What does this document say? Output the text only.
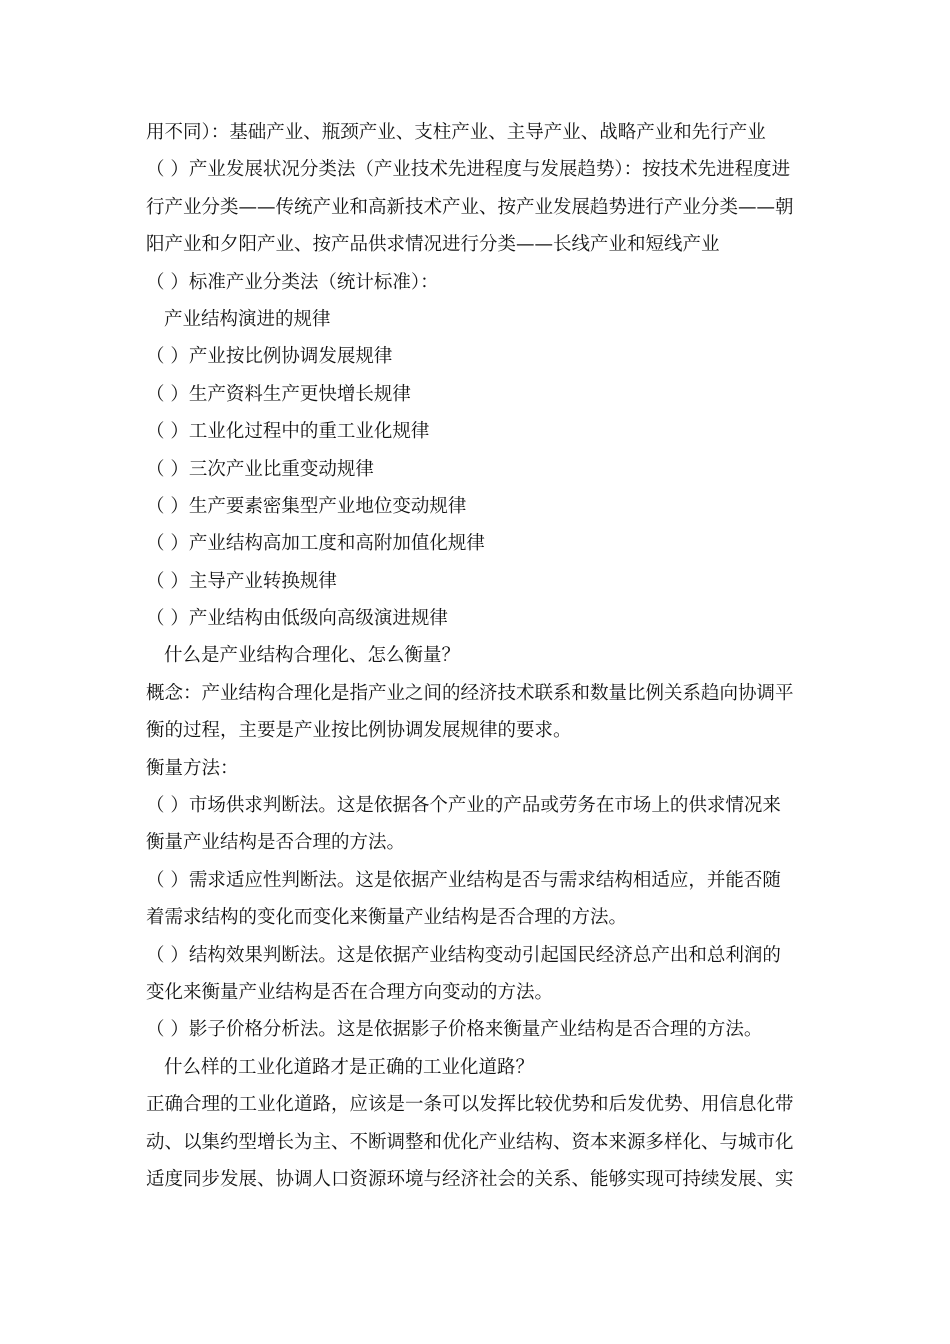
用不同）：基础产业、瓶颈产业、支柱产业、主导产业、战略产业和先行产业
（ ）产业发展状况分类法（产业技术先进程度与发展趋势）：按技术先进程度进
行产业分类——传统产业和高新技术产业、按产业发展趋势进行产业分类——朝
阳产业和夕阳产业、按产品供求情况进行分类——长线产业和短线产业
（ ）标准产业分类法（统计标准）：
产业结构演进的规律
（ ）产业按比例协调发展规律
（ ）生产资料生产更快增长规律
（ ）工业化过程中的重工业化规律
（ ）三次产业比重变动规律
（ ）生产要素密集型产业地位变动规律
（ ）产业结构高加工度和高附加值化规律
（ ）主导产业转换规律
（ ）产业结构由低级向高级演进规律
什么是产业结构合理化、怎么衡量？
概念：产业结构合理化是指产业之间的经济技术联系和数量比例关系趋向协调平
衡的过程，主要是产业按比例协调发展规律的要求。
衡量方法：
（ ）市场供求判断法。这是依据各个产业的产品或劳务在市场上的供求情况来
衡量产业结构是否合理的方法。
（ ）需求适应性判断法。这是依据产业结构是否与需求结构相适应，并能否随
着需求结构的变化而变化来衡量产业结构是否合理的方法。
（ ）结构效果判断法。这是依据产业结构变动引起国民经济总产出和总利润的
变化来衡量产业结构是否在合理方向变动的方法。
（ ）影子价格分析法。这是依据影子价格来衡量产业结构是否合理的方法。
什么样的工业化道路才是正确的工业化道路？
正确合理的工业化道路，应该是一条可以发挥比较优势和后发优势、用信息化带
动、以集约型增长为主、不断调整和优化产业结构、资本来源多样化、与城市化
适度同步发展、协调人口资源环境与经济社会的关系、能够实现可持续发展、实
